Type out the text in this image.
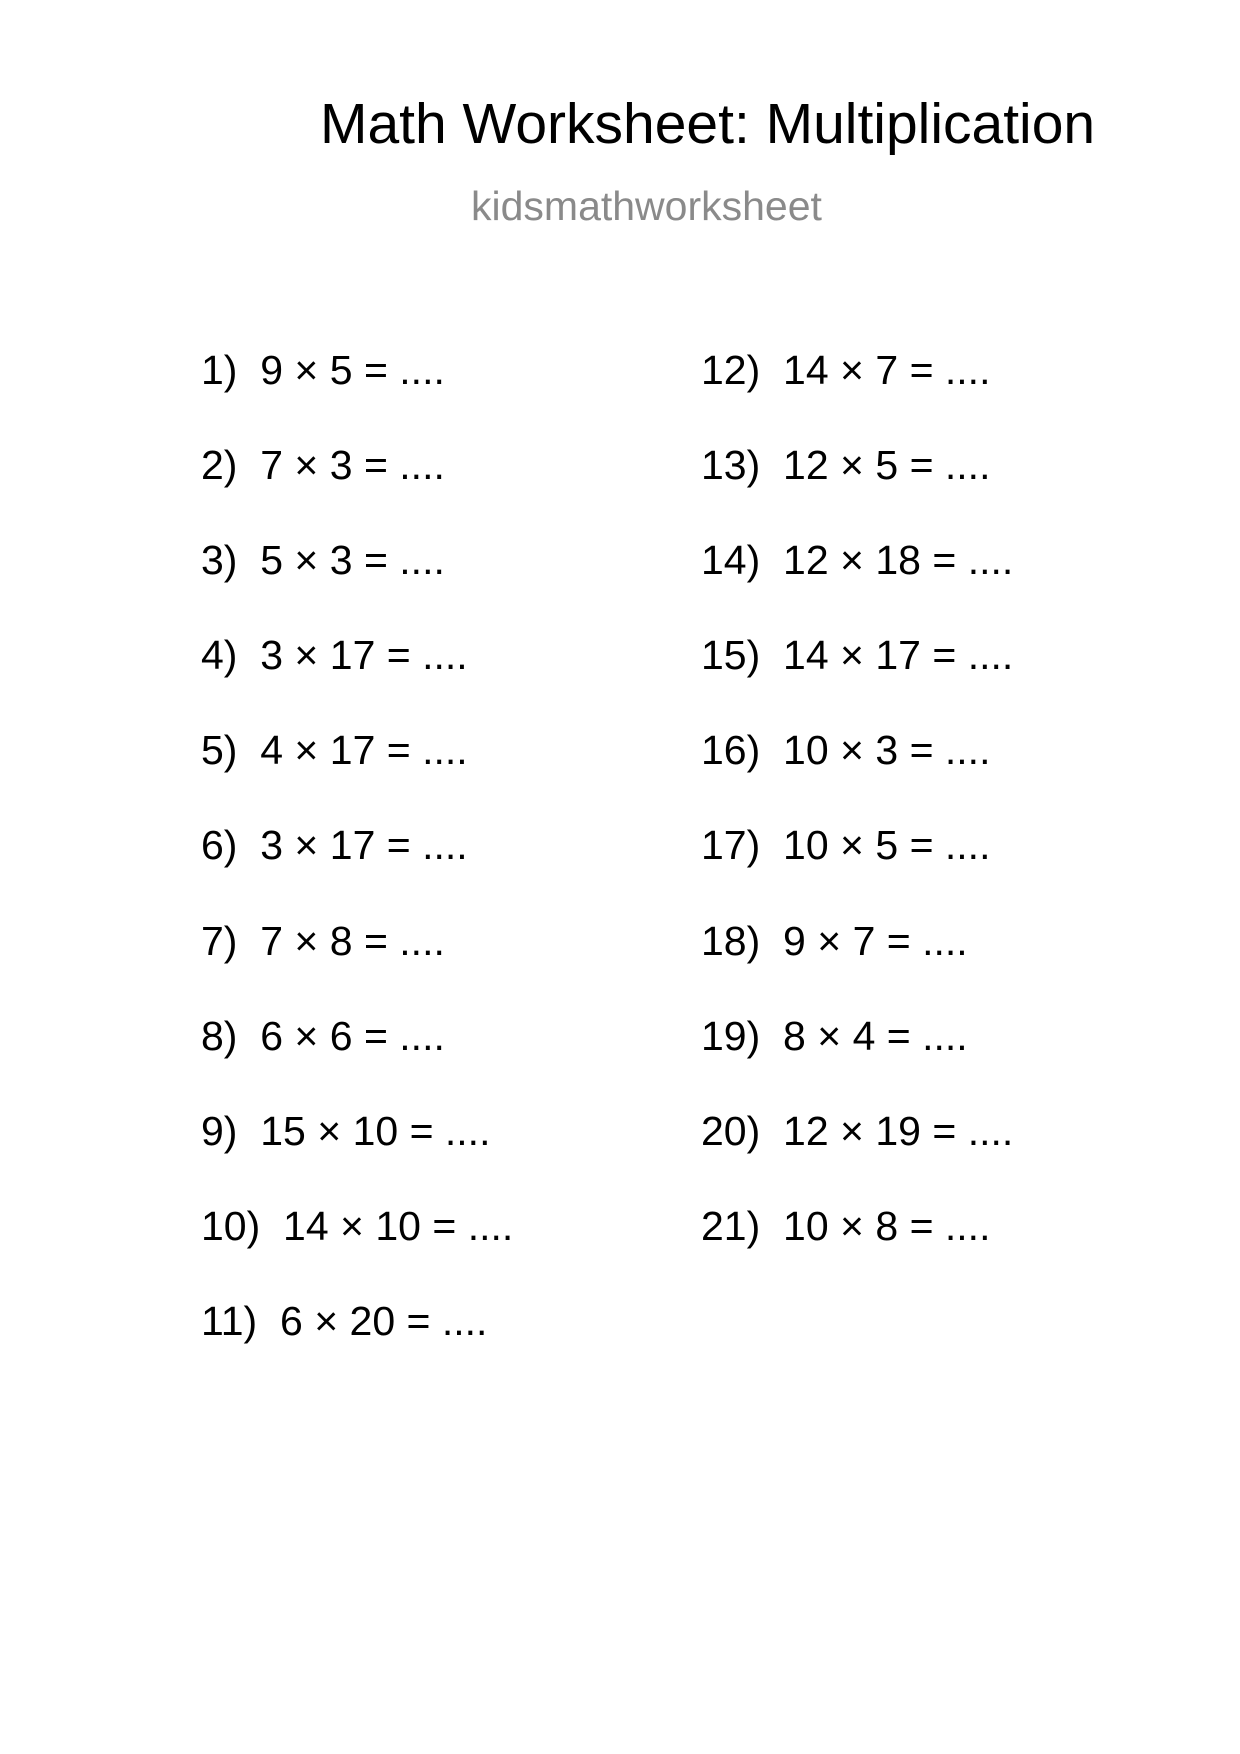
Math Worksheet: Multiplication
kidsmathworksheet
1)  9 × 5 = ....
2)  7 × 3 = ....
3)  5 × 3 = ....
4)  3 × 17 = ....
5)  4 × 17 = ....
6)  3 × 17 = ....
7)  7 × 8 = ....
8)  6 × 6 = ....
9)  15 × 10 = ....
10)  14 × 10 = ....
11)  6 × 20 = ....
12)  14 × 7 = ....
13)  12 × 5 = ....
14)  12 × 18 = ....
15)  14 × 17 = ....
16)  10 × 3 = ....
17)  10 × 5 = ....
18)  9 × 7 = ....
19)  8 × 4 = ....
20)  12 × 19 = ....
21)  10 × 8 = ....
